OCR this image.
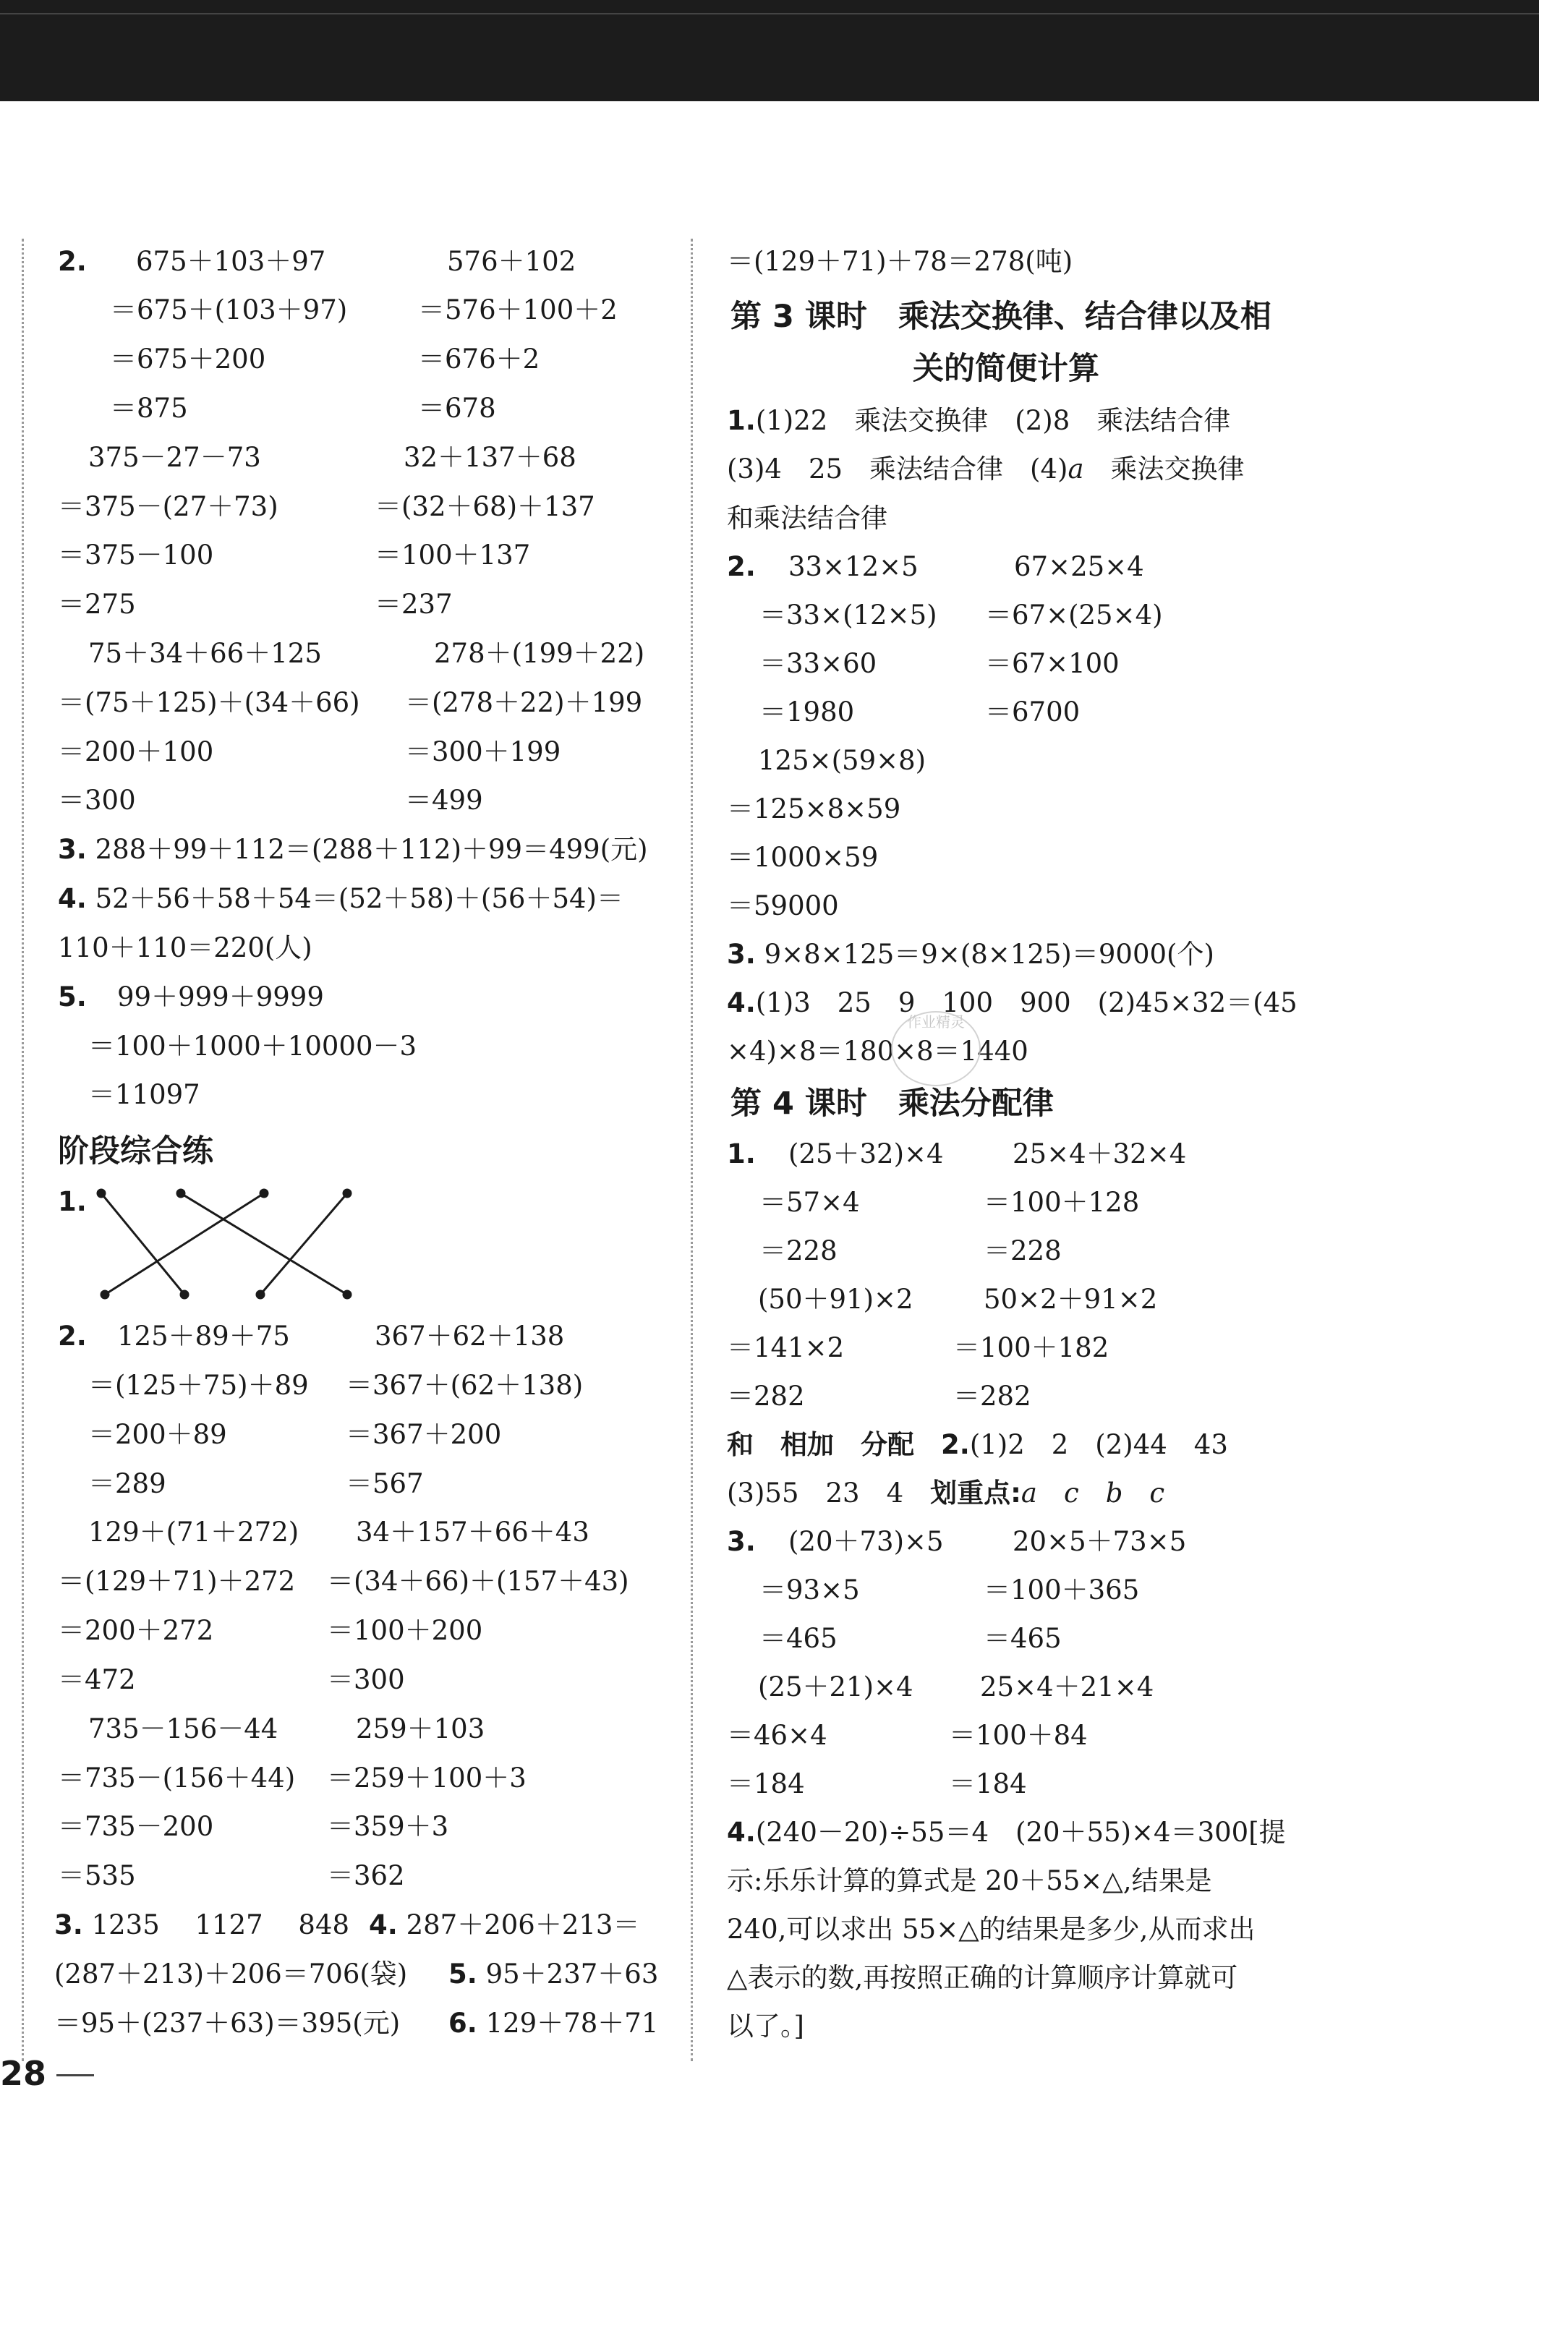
2. 675＋103＋97
＝675＋(103＋97)
＝675＋200
＝875
576＋102
＝576＋100＋2
＝676＋2
＝678
375－27－73
＝375－(27＋73)
＝375－100
＝275
32＋137＋68
＝(32＋68)＋137
＝100＋137
＝237
75＋34＋66＋125
＝(75＋125)＋(34＋66)
＝200＋100
＝300
278＋(199＋22)
＝(278＋22)＋199
＝300＋199
＝499
3. 288＋99＋112＝(288＋112)＋99＝499(元)
4. 52＋56＋58＋54＝(52＋58)＋(56＋54)＝
110＋110＝220(人)
5. 99＋999＋9999
＝100＋1000＋10000－3
＝11097
阶段综合练
1.
2. 125＋89＋75
＝(125＋75)＋89
＝200＋89
＝289
367＋62＋138
＝367＋(62＋138)
＝367＋200
＝567
129＋(71＋272)
＝(129＋71)＋272
＝200＋272
＝472
34＋157＋66＋43
＝(34＋66)＋(157＋43)
＝100＋200
＝300
735－156－44
＝735－(156＋44)
＝735－200
＝535
259＋103
＝259＋100＋3
＝359＋3
＝362
3. 1235　 1127　 848 4. 287＋206＋213＝
(287＋213)＋206＝706(袋) 5. 95＋237＋63
＝95＋(237＋63)＝395(元) 6. 129＋78＋71
＝(129＋71)＋78＝278(吨)
第 3 课时　乘法交换律、结合律以及相
关的简便计算
1.(1)22　乘法交换律　(2)8　乘法结合律
(3)4　25　乘法结合律　(4)a　乘法交换律
和乘法结合律
2. 33×12×5
＝33×(12×5)
＝33×60
＝1980
67×25×4
＝67×(25×4)
＝67×100
＝6700
125×(59×8)
＝125×8×59
＝1000×59
＝59000
3. 9×8×125＝9×(8×125)＝9000(个)
4.(1)3　25　9　100　900　(2)45×32＝(45
×4)×8＝180×8＝1440
作业精灵
第 4 课时　乘法分配律
1. (25＋32)×4
＝57×4
＝228
25×4＋32×4
＝100＋128
＝228
(50＋91)×2
＝141×2
＝282
50×2＋91×2
＝100＋182
＝282
和　相加　分配　 2.(1)2　2　(2)44　43
(3)55　23　4　 划重点:a　c　b　c
3. (20＋73)×5
＝93×5
＝465
20×5＋73×5
＝100＋365
＝465
(25＋21)×4
＝46×4
＝184
25×4＋21×4
＝100＋84
＝184
4.(240－20)÷55＝4　(20＋55)×4＝300[提
示:乐乐计算的算式是 20＋55×△,结果是
240,可以求出 55×△的结果是多少,从而求出
△表示的数,再按照正确的计算顺序计算就可
以了。]
28
